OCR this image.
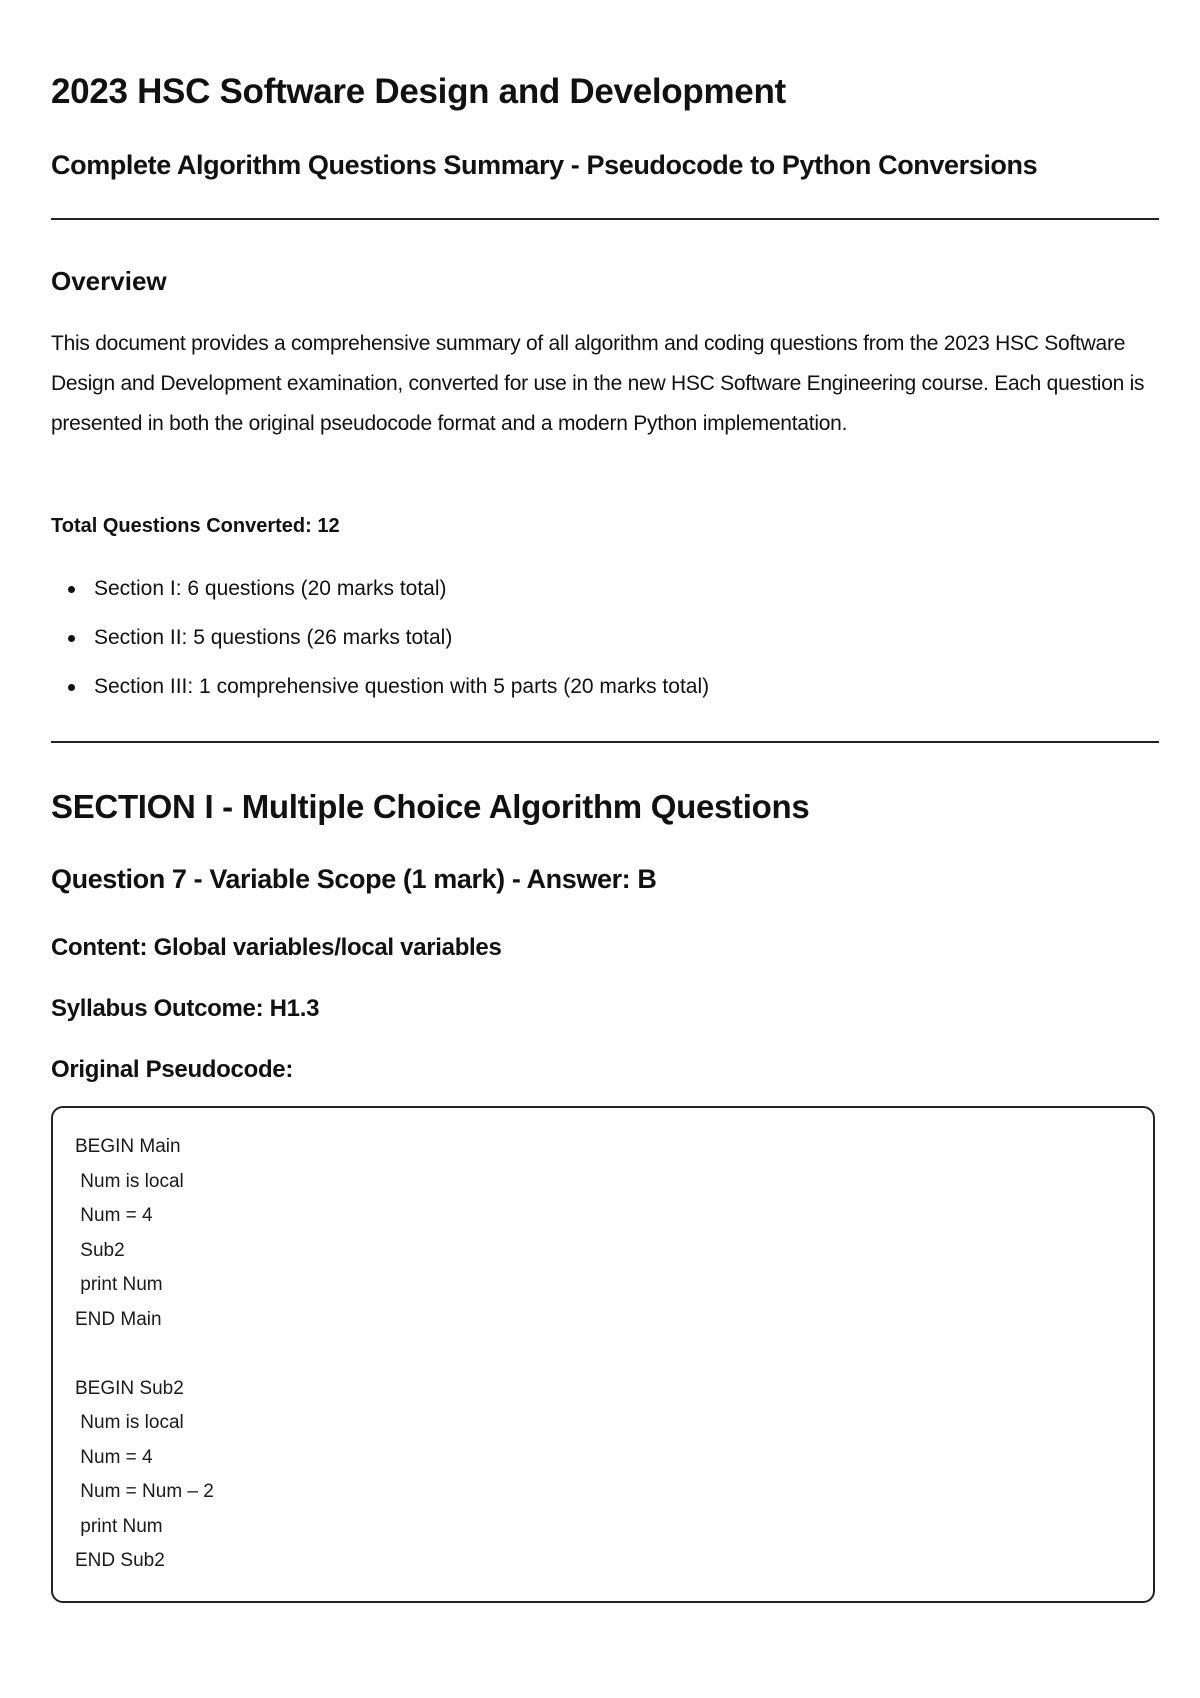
2023 HSC Software Design and Development
Complete Algorithm Questions Summary - Pseudocode to Python Conversions
Overview

This document provides a comprehensive summary of all algorithm and coding questions from the 2023 HSC Software Design and Development examination, converted for use in the new HSC Software Engineering course. Each question is presented in both the original pseudocode format and a modern Python implementation.

Total Questions Converted: 12

Section I: 6 questions (20 marks total)
Section II: 5 questions (26 marks total)
Section III: 1 comprehensive question with 5 parts (20 marks total)
SECTION I - Multiple Choice Algorithm Questions
Question 7 - Variable Scope (1 mark) - Answer: B

Content: Global variables/local variables

Syllabus Outcome: H1.3

Original Pseudocode:

BEGIN Main
Num is local
Num = 4
Sub2
print Num
END Main
BEGIN Sub2
Num is local
Num = 4
Num = Num – 2
print Num
END Sub2
